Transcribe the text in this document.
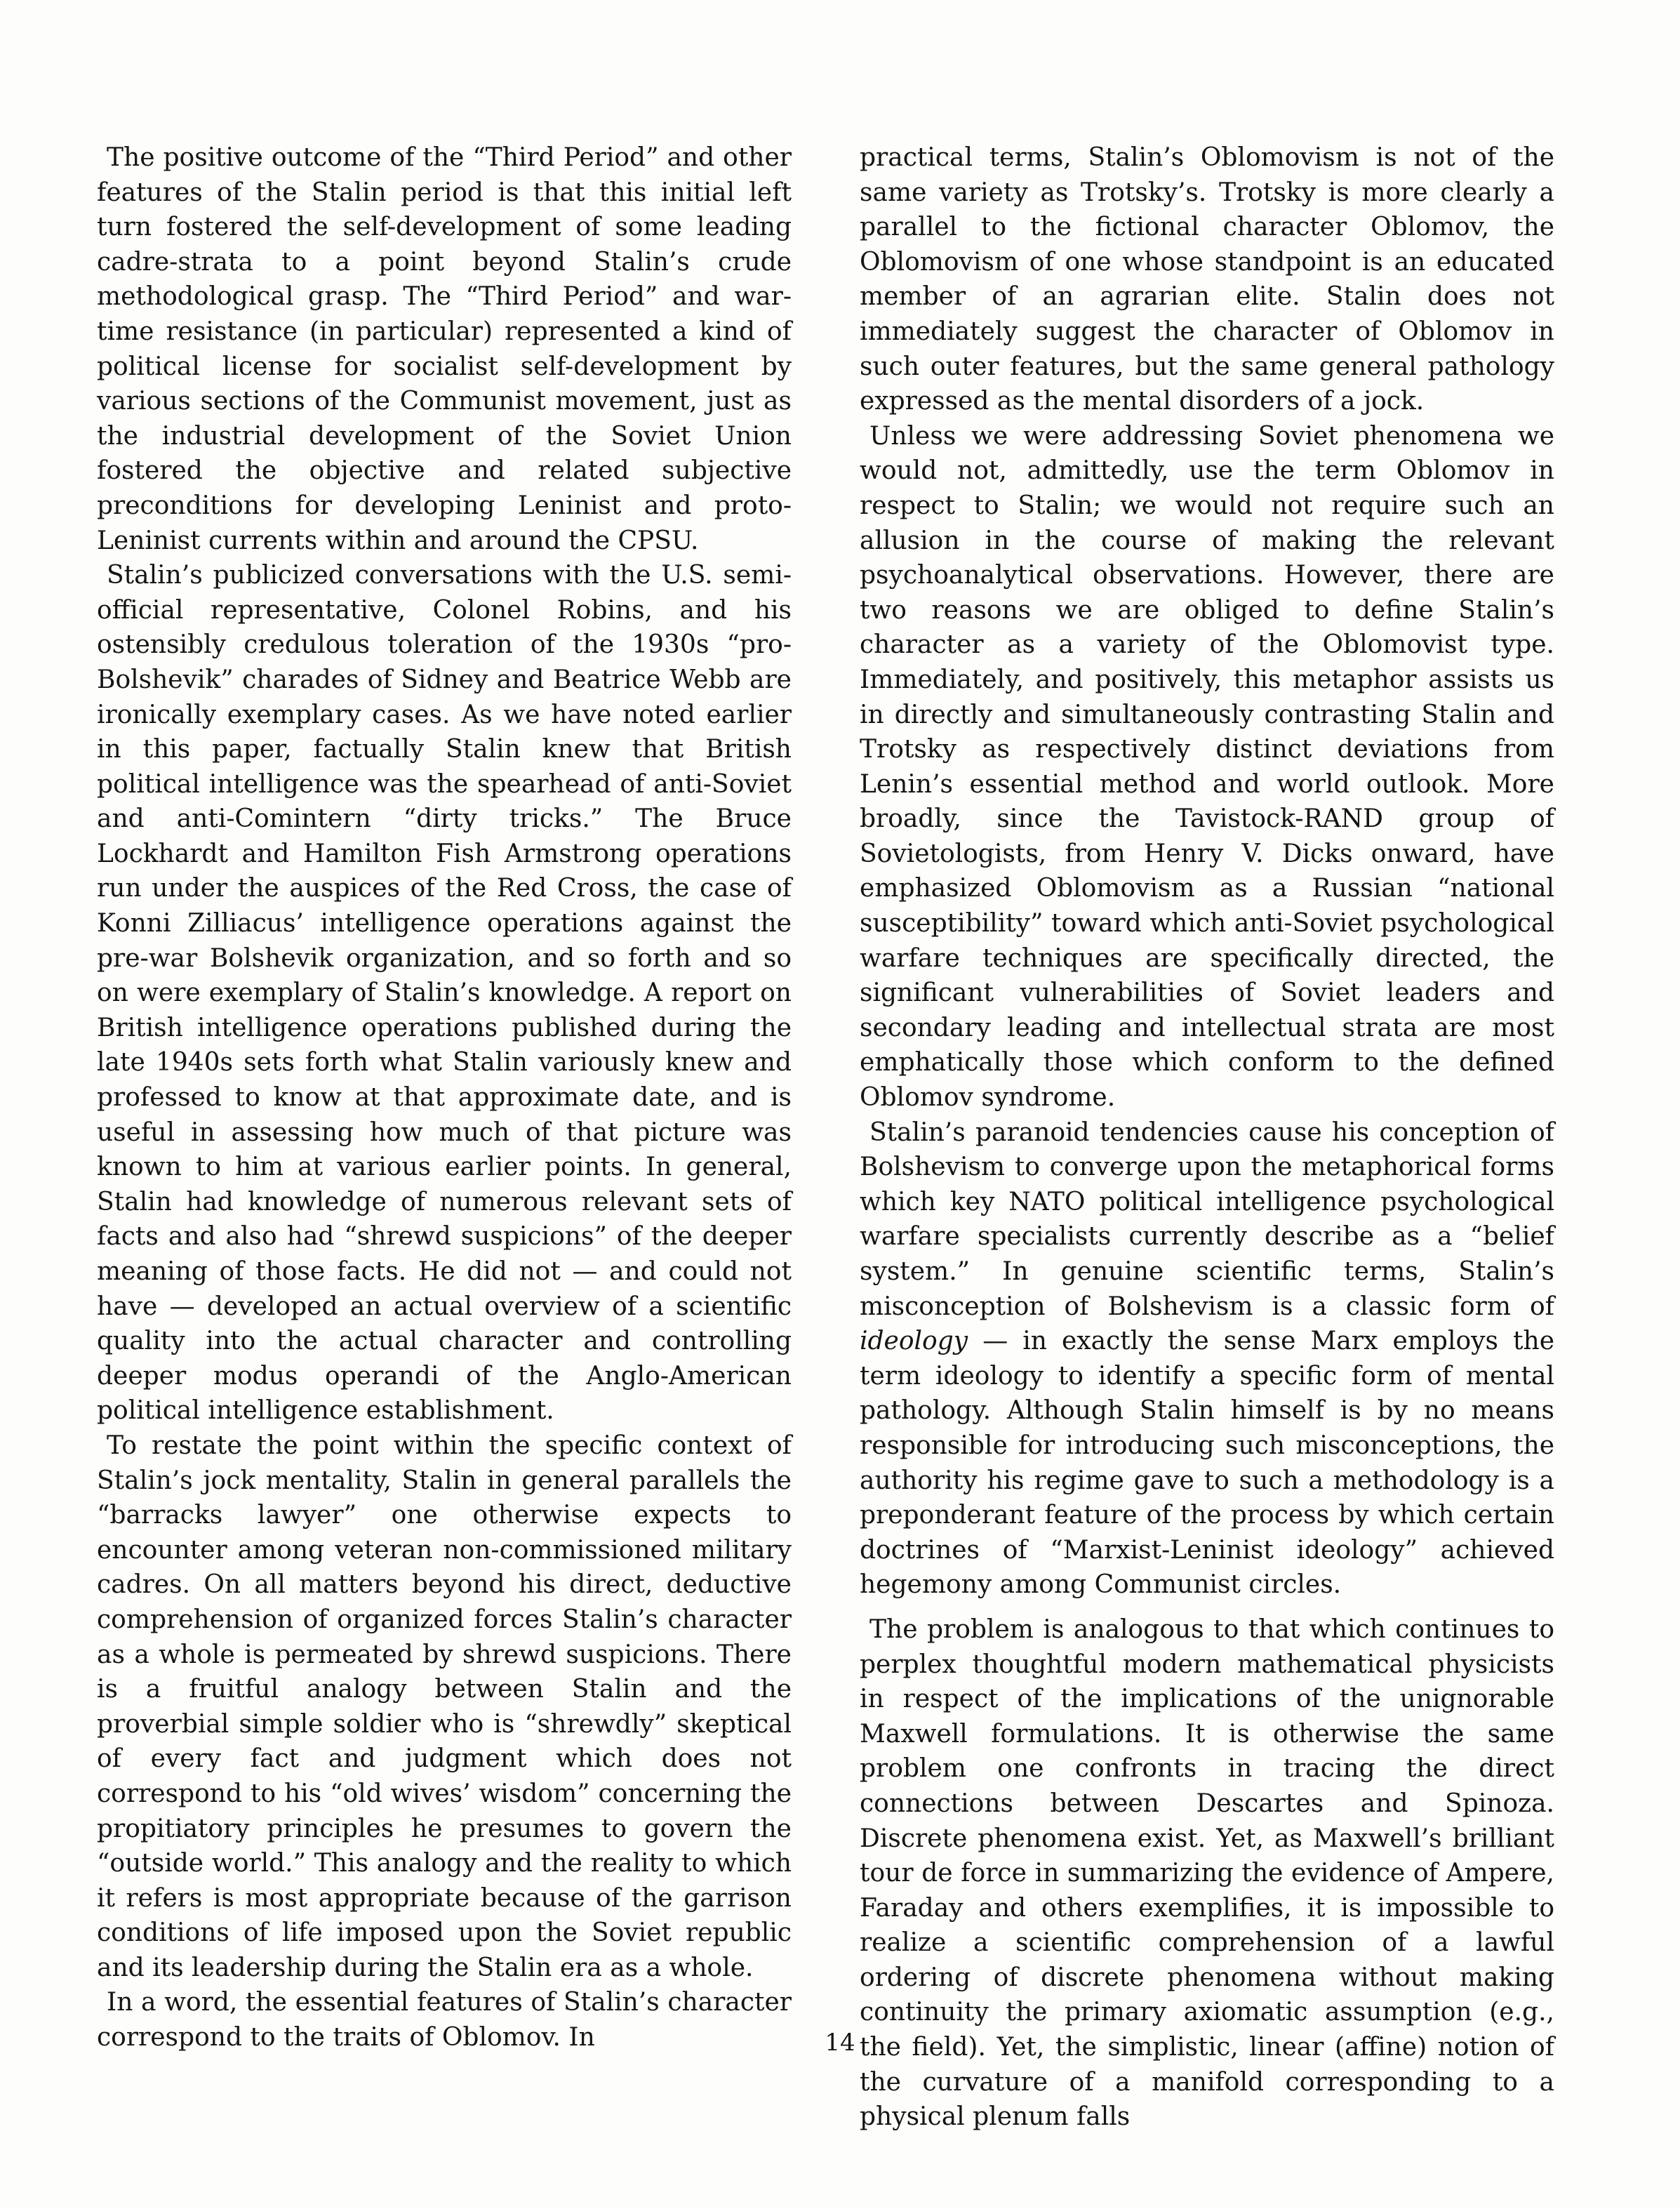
The positive outcome of the “Third Period” and other features of the Stalin period is that this initial left turn fostered the self-development of some leading cadre-strata to a point beyond Stalin’s crude methodological grasp. The “Third Period” and war-time resistance (in particular) represented a kind of political license for socialist self-development by various sections of the Communist movement, just as the industrial development of the Soviet Union fostered the objective and related subjective preconditions for developing Leninist and proto-Leninist currents within and around the CPSU.

Stalin’s publicized conversations with the U.S. semi-official representative, Colonel Robins, and his ostensibly credulous toleration of the 1930s “pro-Bolshevik” charades of Sidney and Beatrice Webb are ironically exemplary cases. As we have noted earlier in this paper, factually Stalin knew that British political intelligence was the spearhead of anti-Soviet and anti-Comintern “dirty tricks.” The Bruce Lockhardt and Hamilton Fish Armstrong operations run under the auspices of the Red Cross, the case of Konni Zilliacus’ intelligence operations against the pre-war Bolshevik organization, and so forth and so on were exemplary of Stalin’s knowledge. A report on British intelligence operations published during the late 1940s sets forth what Stalin variously knew and professed to know at that approximate date, and is useful in assessing how much of that picture was known to him at various earlier points. In general, Stalin had knowledge of numerous relevant sets of facts and also had “shrewd suspicions” of the deeper meaning of those facts. He did not — and could not have — developed an actual overview of a scientific quality into the actual character and controlling deeper modus operandi of the Anglo-American political intelligence establishment.

To restate the point within the specific context of Stalin’s jock mentality, Stalin in general parallels the “barracks lawyer” one otherwise expects to encounter among veteran non-commissioned military cadres. On all matters beyond his direct, deductive comprehension of organized forces Stalin’s character as a whole is permeated by shrewd suspicions. There is a fruitful analogy between Stalin and the proverbial simple soldier who is “shrewdly” skeptical of every fact and judgment which does not correspond to his “old wives’ wisdom” concerning the propitiatory principles he presumes to govern the “outside world.” This analogy and the reality to which it refers is most appropriate because of the garrison conditions of life imposed upon the Soviet republic and its leadership during the Stalin era as a whole.

In a word, the essential features of Stalin’s character correspond to the traits of Oblomov. In

practical terms, Stalin’s Oblomovism is not of the same variety as Trotsky’s. Trotsky is more clearly a parallel to the fictional character Oblomov, the Oblomovism of one whose standpoint is an educated member of an agrarian elite. Stalin does not immediately suggest the character of Oblomov in such outer features, but the same general pathology expressed as the mental disorders of a jock.

Unless we were addressing Soviet phenomena we would not, admittedly, use the term Oblomov in respect to Stalin; we would not require such an allusion in the course of making the relevant psychoanalytical observations. However, there are two reasons we are obliged to define Stalin’s character as a variety of the Oblomovist type. Immediately, and positively, this metaphor assists us in directly and simultaneously contrasting Stalin and Trotsky as respectively distinct deviations from Lenin’s essential method and world outlook. More broadly, since the Tavistock-RAND group of Sovietologists, from Henry V. Dicks onward, have emphasized Oblomovism as a Russian “national susceptibility” toward which anti-Soviet psychological warfare techniques are specifically directed, the significant vulnerabilities of Soviet leaders and secondary leading and intellectual strata are most emphatically those which conform to the defined Oblomov syndrome.

Stalin’s paranoid tendencies cause his conception of Bolshevism to converge upon the metaphorical forms which key NATO political intelligence psychological warfare specialists currently describe as a “belief system.” In genuine scientific terms, Stalin’s misconception of Bolshevism is a classic form of ideology — in exactly the sense Marx employs the term ideology to identify a specific form of mental pathology. Although Stalin himself is by no means responsible for introducing such misconceptions, the authority his regime gave to such a methodology is a preponderant feature of the process by which certain doctrines of “Marxist-Leninist ideology” achieved hegemony among Communist circles.

The problem is analogous to that which continues to perplex thoughtful modern mathematical physicists in respect of the implications of the unignorable Maxwell formulations. It is otherwise the same problem one confronts in tracing the direct connections between Descartes and Spinoza. Discrete phenomena exist. Yet, as Maxwell’s brilliant tour de force in summarizing the evidence of Ampere, Faraday and others exemplifies, it is impossible to realize a scientific comprehension of a lawful ordering of discrete phenomena without making continuity the primary axiomatic assumption (e.g., the field). Yet, the simplistic, linear (affine) notion of the curvature of a manifold corresponding to a physical plenum falls

14
